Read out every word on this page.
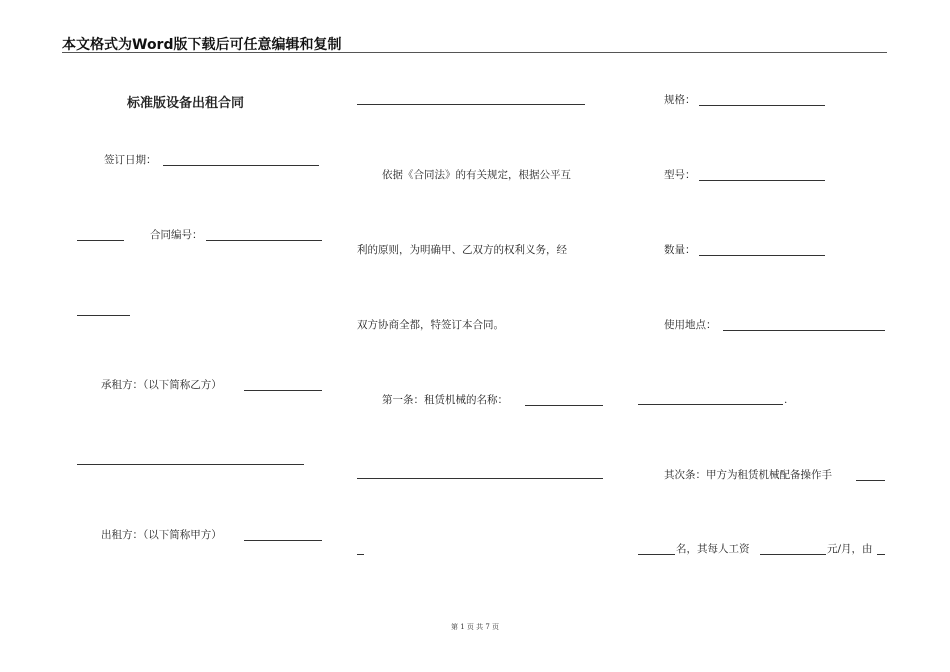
本文格式为Word版下载后可任意编辑和复制
标准版设备出租合同
签订日期：
合同编号：
承租方：（以下简称乙方）
出租方：（以下简称甲方）
依据《合同法》的有关规定，根据公平互
利的原则，为明确甲、乙双方的权利义务，经
双方协商全都，特签订本合同。
第一条：租赁机械的名称：
规格：
型号：
数量：
使用地点：
.
其次条：甲方为租赁机械配备操作手
名，其每人工资	元/月，由
第 1 页 共 7 页
